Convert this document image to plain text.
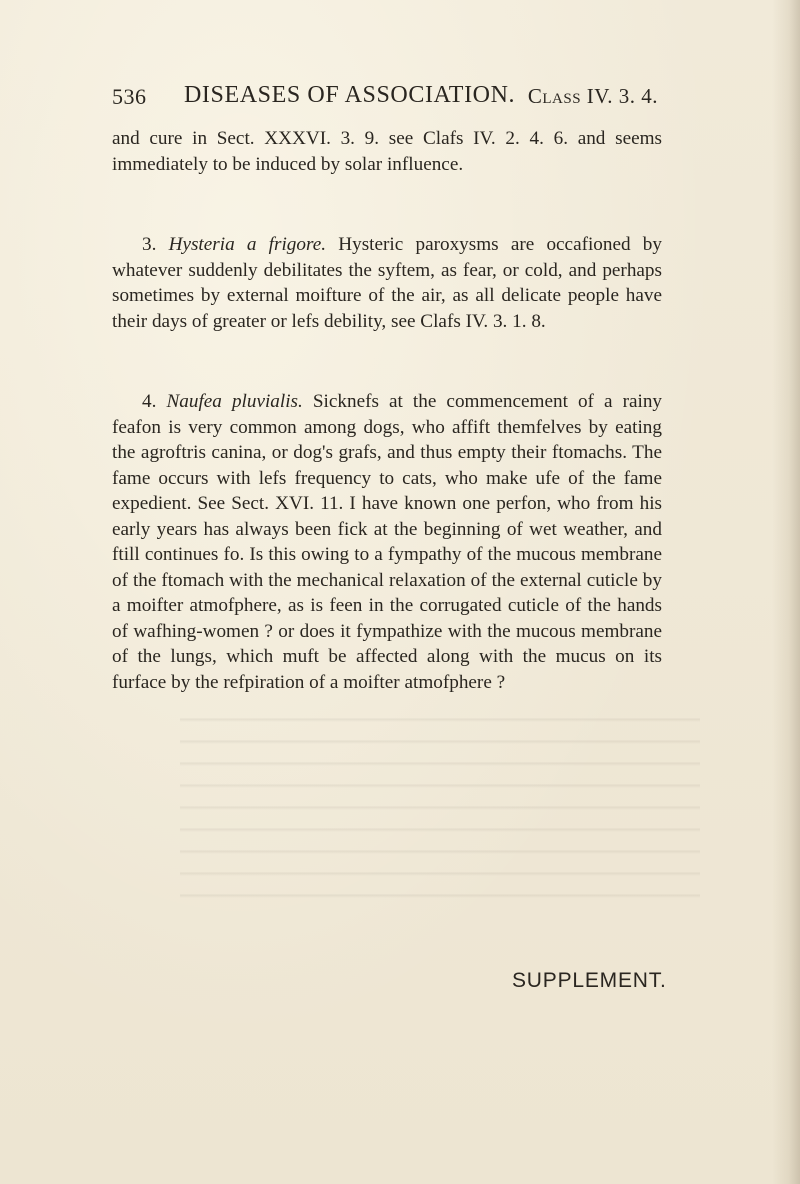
536 DISEASES OF ASSOCIATION. Class IV. 3. 4.

and cure in Sect. XXXVI. 3. 9. see Clafs IV. 2. 4. 6. and seems immediately to be induced by solar influence.

3. Hysteria a frigore. Hysteric paroxysms are occafioned by whatever suddenly debilitates the syftem, as fear, or cold, and perhaps sometimes by external moifture of the air, as all delicate people have their days of greater or lefs debility, see Clafs IV. 3. 1. 8.

4. Naufea pluvialis. Sicknefs at the commencement of a rainy feafon is very common among dogs, who affift themfelves by eating the agroftris canina, or dog's grafs, and thus empty their ftomachs. The fame occurs with lefs frequency to cats, who make ufe of the fame expedient. See Sect. XVI. 11. I have known one perfon, who from his early years has always been fick at the beginning of wet weather, and ftill continues fo. Is this owing to a fympathy of the mucous membrane of the ftomach with the mechanical relaxation of the external cuticle by a moifter atmofphere, as is feen in the corrugated cuticle of the hands of wafhing-women ? or does it fympathize with the mucous membrane of the lungs, which muft be affected along with the mucus on its furface by the refpiration of a moifter atmofphere ?

SUPPLEMENT.
